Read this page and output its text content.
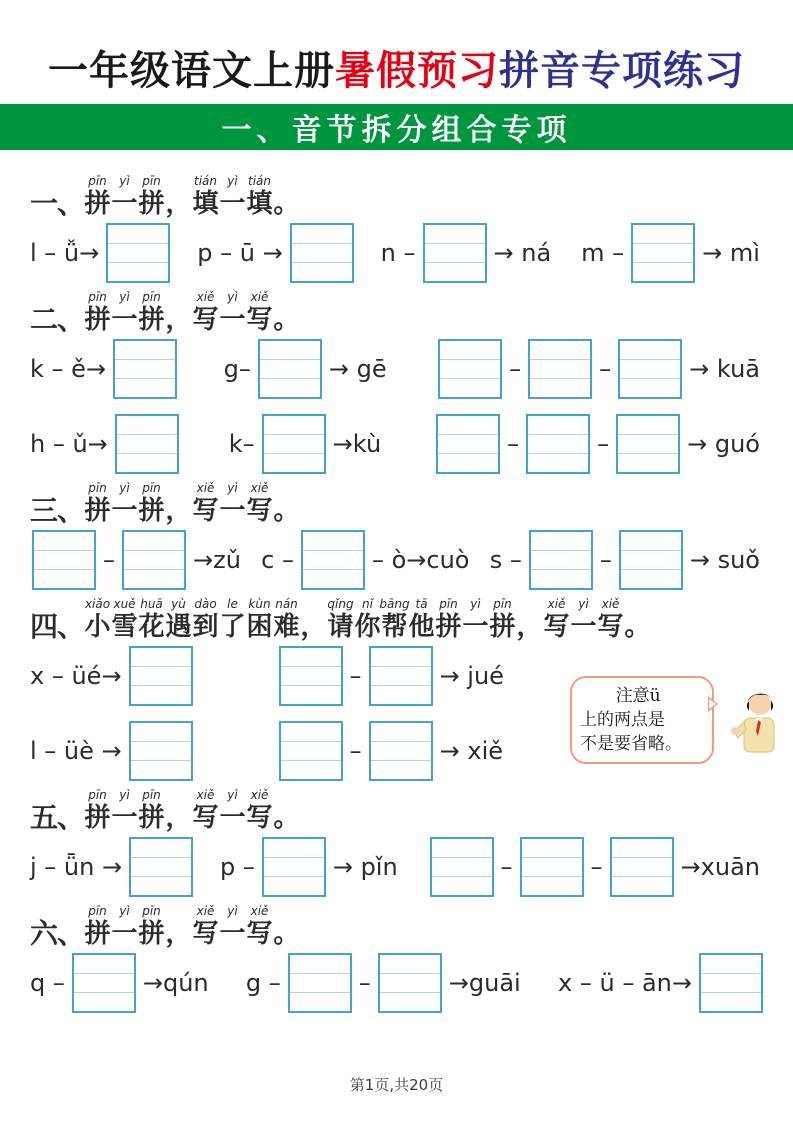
一年级语文上册 暑假预习 拼音专项练习
一、音节拆分组合专项
一、
pīn
拼
yì
一
pīn
拼 ，
tián
填
yì
一
tián
填 。
l – ǚ→	p – ū →	n –	→ ná m –	→ mì
二、
pīn
拼
yì
一
pīn
拼 ，
xiě
写
yì
一
xiě
写 。
k – ě→	g–	→ gē	–	–	→ kuā
h – ǔ→	k–	→kù	–	–	→ guó
三、
pīn
拼
yì
一
pīn
拼 ，
xiě
写
yì
一
xiě
写 。
–	→zǔ c –	– ò→cuò s –	–	→ suǒ
四、
xiǎo
小
xuě
雪
huā
花
yù
遇
dào
到
le
了
kùn
困
nán
难 ，
qǐng
请
nǐ
你
bāng
帮
tā
他
pīn
拼
yì
一
pīn
拼 ，
xiě
写
yì
一
xiě
写 。
x – üé→	–	→ jué
l – üè →	–	→ xiě
五、
pīn
拼
yì
一
pīn
拼 ，
xiě
写
yì
一
xiě
写 。
j – ǖn →	p –	→ pǐn	–	–	→xuān
六、
pīn
拼
yì
一
pīn
拼 ，
xiě
写
yì
一
xiě
写 。
q –	→qún g –	–	→guāi x – ü – ān→
注意ü
上的两点是
不是要省略。
第1页,共20页
